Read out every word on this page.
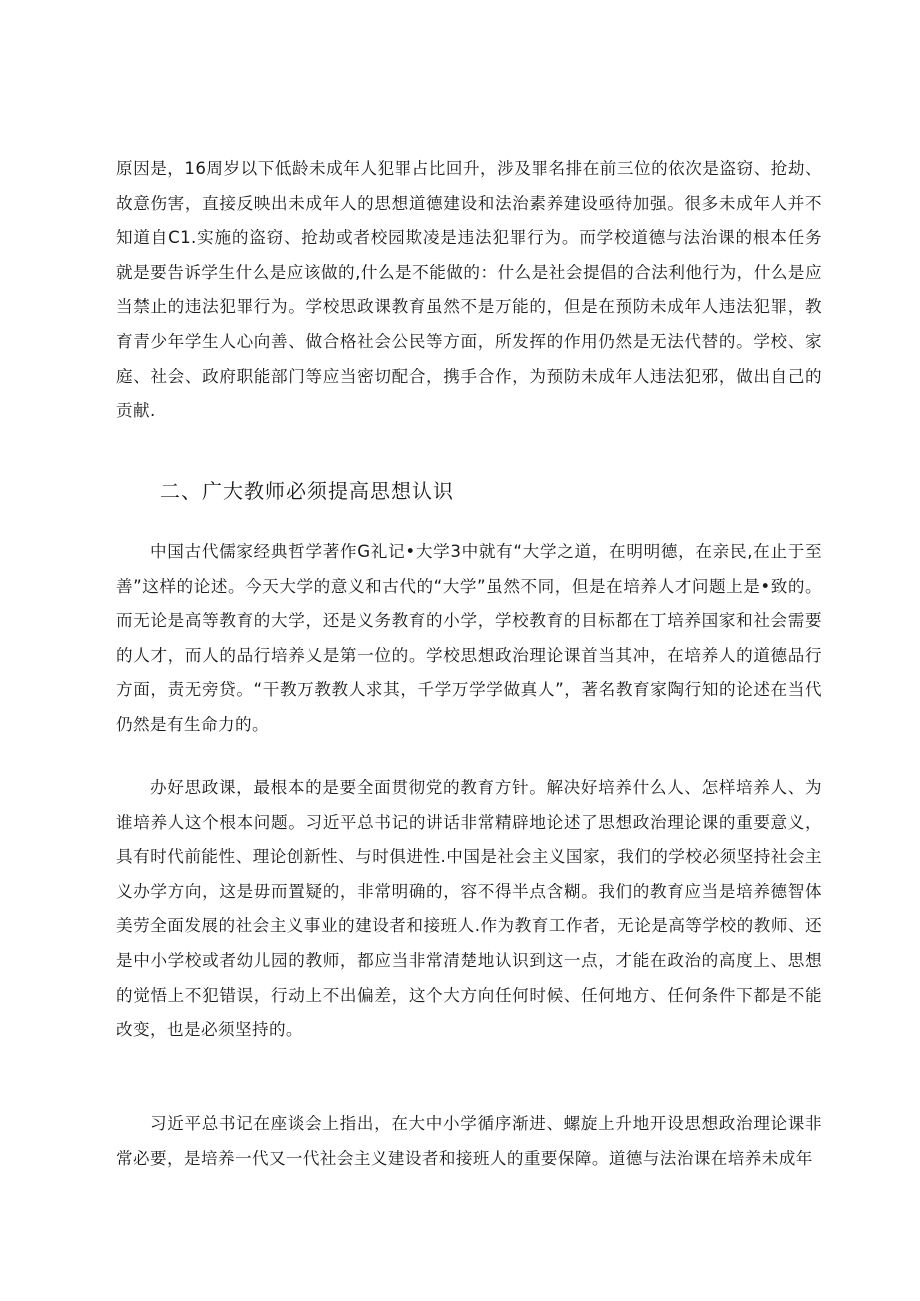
原因是，16周岁以下低龄未成年人犯罪占比回升，涉及罪名排在前三位的依次是盗窃、抢劫、故意伤害，直接反映出未成年人的思想道德建设和法治素养建设亟待加强。很多未成年人并不知道自C1.实施的盗窃、抢劫或者校园欺凌是违法犯罪行为。而学校道德与法治课的根本任务就是要告诉学生什么是应该做的,什么是不能做的：什么是社会提倡的合法利他行为，什么是应当禁止的违法犯罪行为。学校思政课教育虽然不是万能的，但是在预防未成年人违法犯罪，教育青少年学生人心向善、做合格社会公民等方面，所发挥的作用仍然是无法代替的。学校、家庭、社会、政府职能部门等应当密切配合，携手合作，为预防未成年人违法犯邪，做出自己的贡献.

二、广大教师必须提高思想认识

中国古代儒家经典哲学著作G礼记•大学3中就有“大学之道，在明明德，在亲民,在止于至善”这样的论述。今天大学的意义和古代的“大学”虽然不同，但是在培养人才问题上是•致的。而无论是高等教育的大学，还是义务教育的小学，学校教育的目标都在丁培养国家和社会需要的人才，而人的品行培养乂是第一位的。学校思想政治理论课首当其冲，在培养人的道德品行方面，责无旁贷。“干教万教教人求其，千学万学学做真人”，著名教育家陶行知的论述在当代仍然是有生命力的。

办好思政课，最根本的是要全面贯彻党的教育方针。解决好培养什么人、怎样培养人、为谁培养人这个根本问题。习近平总书记的讲话非常精辟地论述了思想政治理论课的重要意义，具有时代前能性、理论创新性、与时俱进性.中国是社会主义国家，我们的学校必须坚持社会主义办学方向，这是毋而置疑的，非常明确的，容不得半点含糊。我们的教育应当是培养德智体美劳全面发展的社会主义事业的建设者和接班人.作为教育工作者，无论是高等学校的教师、还是中小学校或者幼儿园的教师，都应当非常清楚地认识到这一点，才能在政治的高度上、思想的觉悟上不犯错误，行动上不出偏差，这个大方向任何时候、任何地方、任何条件下都是不能改变，也是必须坚持的。

习近平总书记在座谈会上指出，在大中小学循序渐进、螺旋上升地开设思想政治理论课非常必要，是培养一代又一代社会主义建设者和接班人的重要保障。道德与法治课在培养未成年
